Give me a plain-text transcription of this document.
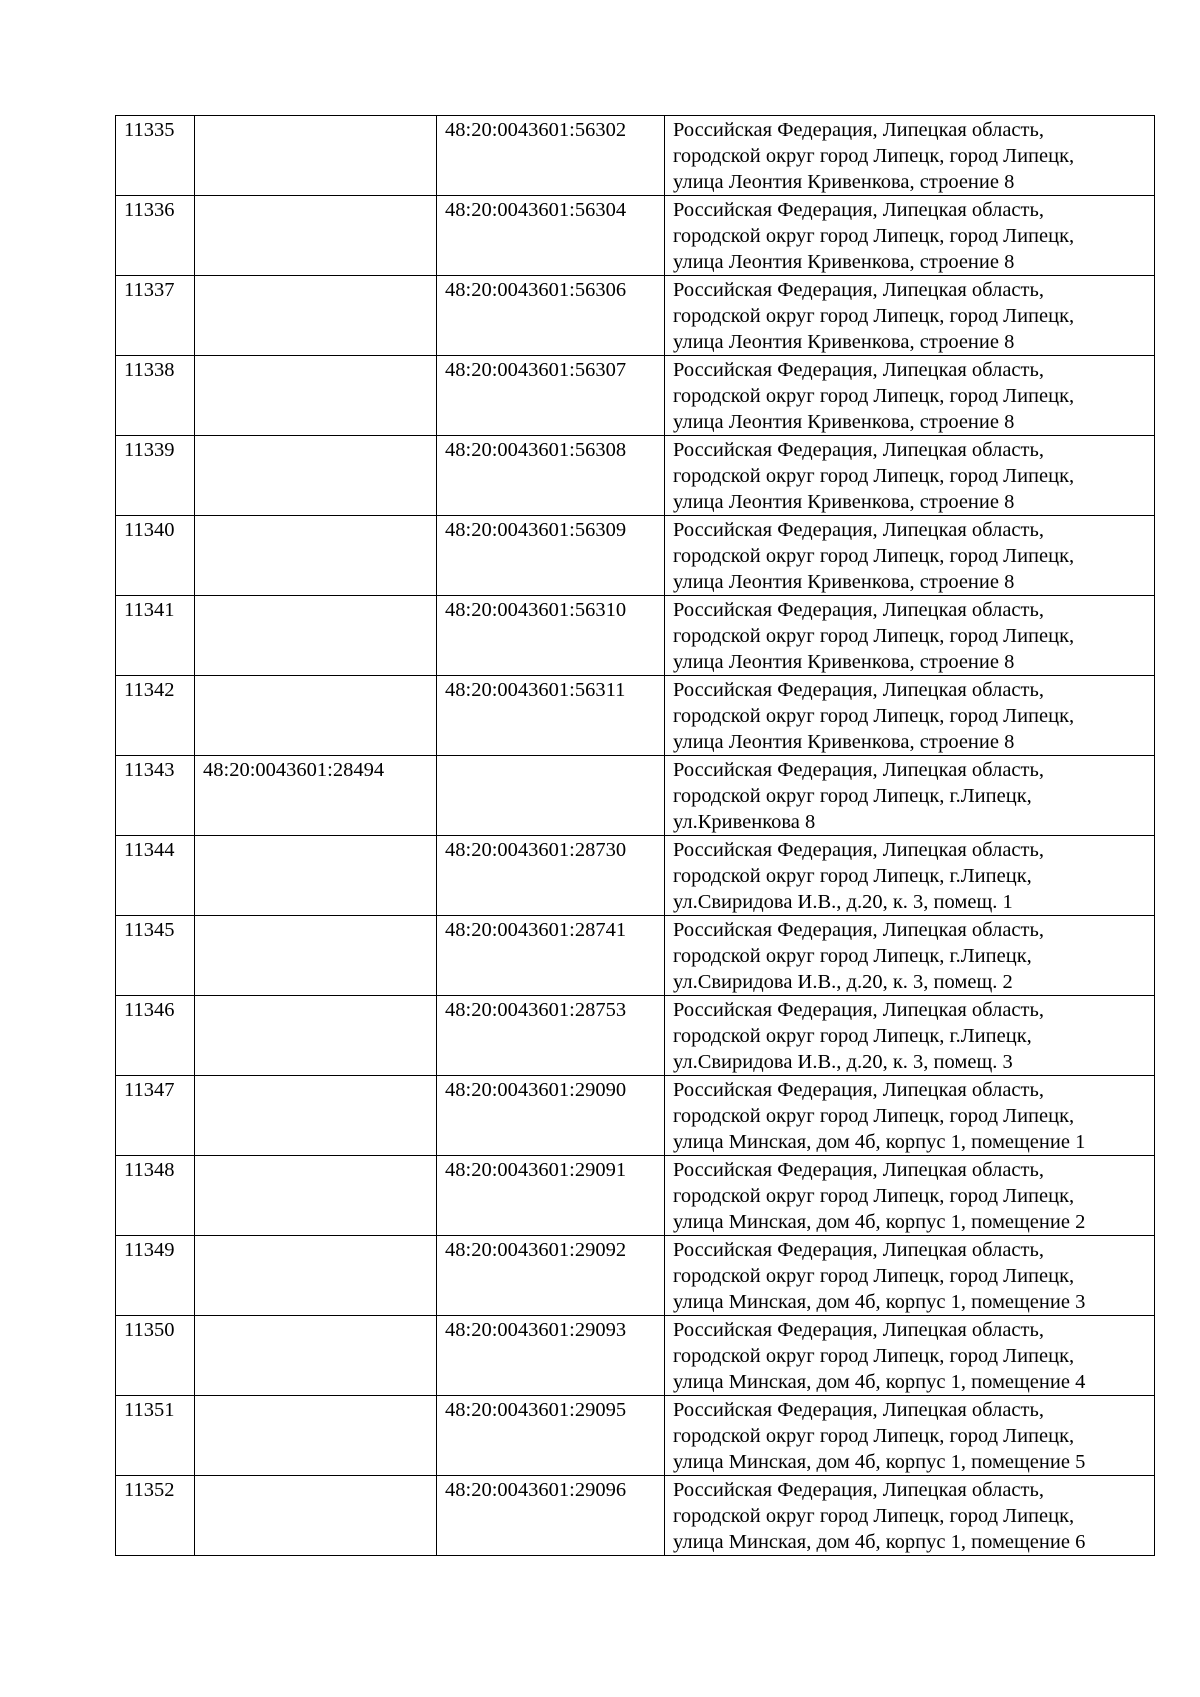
11335		48:20:0043601:56302	Российская Федерация, Липецкая область,
городской округ город Липецк, город Липецк,
улица Леонтия Кривенкова, строение 8

11336		48:20:0043601:56304	Российская Федерация, Липецкая область,
городской округ город Липецк, город Липецк,
улица Леонтия Кривенкова, строение 8

11337		48:20:0043601:56306	Российская Федерация, Липецкая область,
городской округ город Липецк, город Липецк,
улица Леонтия Кривенкова, строение 8

11338		48:20:0043601:56307	Российская Федерация, Липецкая область,
городской округ город Липецк, город Липецк,
улица Леонтия Кривенкова, строение 8

11339		48:20:0043601:56308	Российская Федерация, Липецкая область,
городской округ город Липецк, город Липецк,
улица Леонтия Кривенкова, строение 8

11340		48:20:0043601:56309	Российская Федерация, Липецкая область,
городской округ город Липецк, город Липецк,
улица Леонтия Кривенкова, строение 8

11341		48:20:0043601:56310	Российская Федерация, Липецкая область,
городской округ город Липецк, город Липецк,
улица Леонтия Кривенкова, строение 8

11342		48:20:0043601:56311	Российская Федерация, Липецкая область,
городской округ город Липецк, город Липецк,
улица Леонтия Кривенкова, строение 8

11343	48:20:0043601:28494		Российская Федерация, Липецкая область,
городской округ город Липецк, г.Липецк,
ул.Кривенкова 8

11344		48:20:0043601:28730	Российская Федерация, Липецкая область,
городской округ город Липецк, г.Липецк,
ул.Свиридова И.В., д.20, к. 3, помещ. 1

11345		48:20:0043601:28741	Российская Федерация, Липецкая область,
городской округ город Липецк, г.Липецк,
ул.Свиридова И.В., д.20, к. 3, помещ. 2

11346		48:20:0043601:28753	Российская Федерация, Липецкая область,
городской округ город Липецк, г.Липецк,
ул.Свиридова И.В., д.20, к. 3, помещ. 3

11347		48:20:0043601:29090	Российская Федерация, Липецкая область,
городской округ город Липецк, город Липецк,
улица Минская, дом 4б, корпус 1, помещение 1

11348		48:20:0043601:29091	Российская Федерация, Липецкая область,
городской округ город Липецк, город Липецк,
улица Минская, дом 4б, корпус 1, помещение 2

11349		48:20:0043601:29092	Российская Федерация, Липецкая область,
городской округ город Липецк, город Липецк,
улица Минская, дом 4б, корпус 1, помещение 3

11350		48:20:0043601:29093	Российская Федерация, Липецкая область,
городской округ город Липецк, город Липецк,
улица Минская, дом 4б, корпус 1, помещение 4

11351		48:20:0043601:29095	Российская Федерация, Липецкая область,
городской округ город Липецк, город Липецк,
улица Минская, дом 4б, корпус 1, помещение 5

11352		48:20:0043601:29096	Российская Федерация, Липецкая область,
городской округ город Липецк, город Липецк,
улица Минская, дом 4б, корпус 1, помещение 6
